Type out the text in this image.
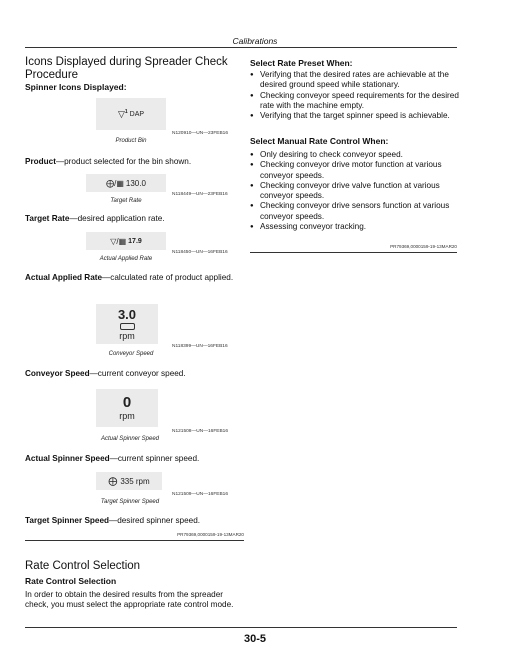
Calibrations
Icons Displayed during Spreader Check Procedure
Spinner Icons Displayed:
▽$^1$ DAP
N120910—UN—23FEB16
Product Bin
Product—product selected for the bin shown.
⨁/▦ 130.0
N118449—UN—23FEB16
Target Rate
Target Rate—desired application rate.
▽/▦ 17.9
N118450—UN—16FEB16
Actual Applied Rate
Actual Applied Rate—calculated rate of product applied.
3.0
rpm
N118399—UN—16FEB16
Conveyor Speed
Conveyor Speed—current conveyor speed.
0
rpm
N121508—UN—16FEB16
Actual Spinner Speed
Actual Spinner Speed—current spinner speed.
⨁ 335 rpm
N121509—UN—16FEB16
Target Spinner Speed
Target Spinner Speed—desired spinner speed.
PR79369,0000159-19-13MAR20
Rate Control Selection
Rate Control Selection
In order to obtain the desired results from the spreader check, you must select the appropriate rate control mode.
Select Rate Preset When:
● Verifying that the desired rates are achievable at the desired ground speed while stationary.
● Checking conveyor speed requirements for the desired rate with the machine empty.
● Verifying that the target spinner speed is achievable.
Select Manual Rate Control When:
● Only desiring to check conveyor speed.
● Checking conveyor drive motor function at various conveyor speeds.
● Checking conveyor drive valve function at various conveyor speeds.
● Checking conveyor drive sensors function at various conveyor speeds.
● Assessing conveyor tracking.
PR79369,0000159-19-13MAR20
30-5
